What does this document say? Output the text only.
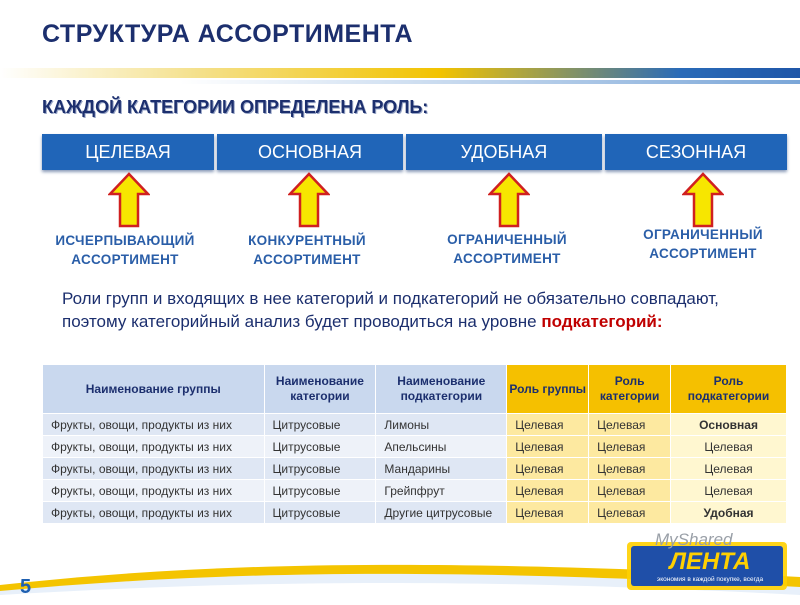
СТРУКТУРА АССОРТИМЕНТА
КАЖДОЙ КАТЕГОРИИ ОПРЕДЕЛЕНА РОЛЬ:
ЦЕЛЕВАЯ	ОСНОВНАЯ	УДОБНАЯ	СЕЗОННАЯ
ИСЧЕРПЫВАЮЩИЙ
АССОРТИМЕНТ
КОНКУРЕНТНЫЙ
АССОРТИМЕНТ
ОГРАНИЧЕННЫЙ
АССОРТИМЕНТ
ОГРАНИЧЕННЫЙ
АССОРТИМЕНТ
Роли групп и входящих в нее категорий и подкатегорий не обязательно совпадают, поэтому категорийный анализ будет проводиться на уровне подкатегорий:
Наименование группы	Наименование категории	Наименование подкатегории	Роль группы	Роль категории	Роль подкатегории
Фрукты, овощи, продукты из них	Цитрусовые	Лимоны	Целевая	Целевая	Основная
Фрукты, овощи, продукты из них	Цитрусовые	Апельсины	Целевая	Целевая	Целевая
Фрукты, овощи, продукты из них	Цитрусовые	Мандарины	Целевая	Целевая	Целевая
Фрукты, овощи, продукты из них	Цитрусовые	Грейпфрут	Целевая	Целевая	Целевая
Фрукты, овощи, продукты из них	Цитрусовые	Другие цитрусовые	Целевая	Целевая	Удобная
5
MyShared
ЛЕНТА
экономия в каждой покупке, всегда
